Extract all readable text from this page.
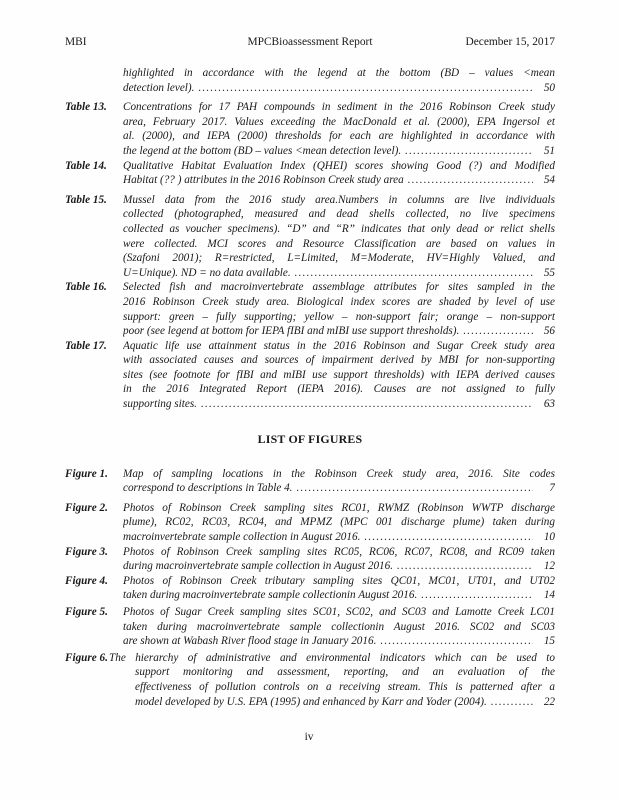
MBI	MPCBioassessment Report	December 15, 2017
highlighted in accordance with the legend at the bottom (BD – values <mean
detection level). .....	50
Table 13. Concentrations for 17 PAH compounds in sediment in the 2016 Robinson Creek study
area, February 2017. Values exceeding the MacDonald et al. (2000), EPA Ingersol et
al. (2000), and IEPA (2000) thresholds for each are highlighted in accordance with
the legend at the bottom (BD – values <mean detection level). .....	51
Table 14. Qualitative Habitat Evaluation Index (QHEI) scores showing Good (?) and Modified
Habitat (?? ) attributes in the 2016 Robinson Creek study area .....	54
Table 15. Mussel data from the 2016 study area.Numbers in columns are live individuals
collected (photographed, measured and dead shells collected, no live specimens
collected as voucher specimens). “D” and “R” indicates that only dead or relict shells
were collected. MCI scores and Resource Classification are based on values in
(Szafoni 2001); R=restricted, L=Limited, M=Moderate, HV=Highly Valued, and
U=Unique). ND = no data available. .....	55
Table 16. Selected fish and macroinvertebrate assemblage attributes for sites sampled in the
2016 Robinson Creek study area. Biological index scores are shaded by level of use
support: green – fully supporting; yellow – non-support fair; orange – non-support
poor (see legend at bottom for IEPA fIBI and mIBI use support thresholds). .....	56
Table 17. Aquatic life use attainment status in the 2016 Robinson and Sugar Creek study area
with associated causes and sources of impairment derived by MBI for non-supporting
sites (see footnote for fIBI and mIBI use support thresholds) with IEPA derived causes
in the 2016 Integrated Report (IEPA 2016). Causes are not assigned to fully
supporting sites. .....	63
LIST OF FIGURES
Figure 1. Map of sampling locations in the Robinson Creek study area, 2016. Site codes
correspond to descriptions in Table 4. .....	7
Figure 2. Photos of Robinson Creek sampling sites RC01, RWMZ (Robinson WWTP discharge
plume), RC02, RC03, RC04, and MPMZ (MPC 001 discharge plume) taken during
macroinvertebrate sample collection in August 2016. .....	10
Figure 3. Photos of Robinson Creek sampling sites RC05, RC06, RC07, RC08, and RC09 taken
during macroinvertebrate sample collection in August 2016. .....	12
Figure 4. Photos of Robinson Creek tributary sampling sites QC01, MC01, UT01, and UT02
taken during macroinvertebrate sample collectionin August 2016. .....	14
Figure 5. Photos of Sugar Creek sampling sites SC01, SC02, and SC03 and Lamotte Creek LC01
taken during macroinvertebrate sample collectionin August 2016. SC02 and SC03
are shown at Wabash River flood stage in January 2016. .....	15
Figure 6. The hierarchy of administrative and environmental indicators which can be used to
support monitoring and assessment, reporting, and an evaluation of the
effectiveness of pollution controls on a receiving stream. This is patterned after a
model developed by U.S. EPA (1995) and enhanced by Karr and Yoder (2004). .....	22
iv
